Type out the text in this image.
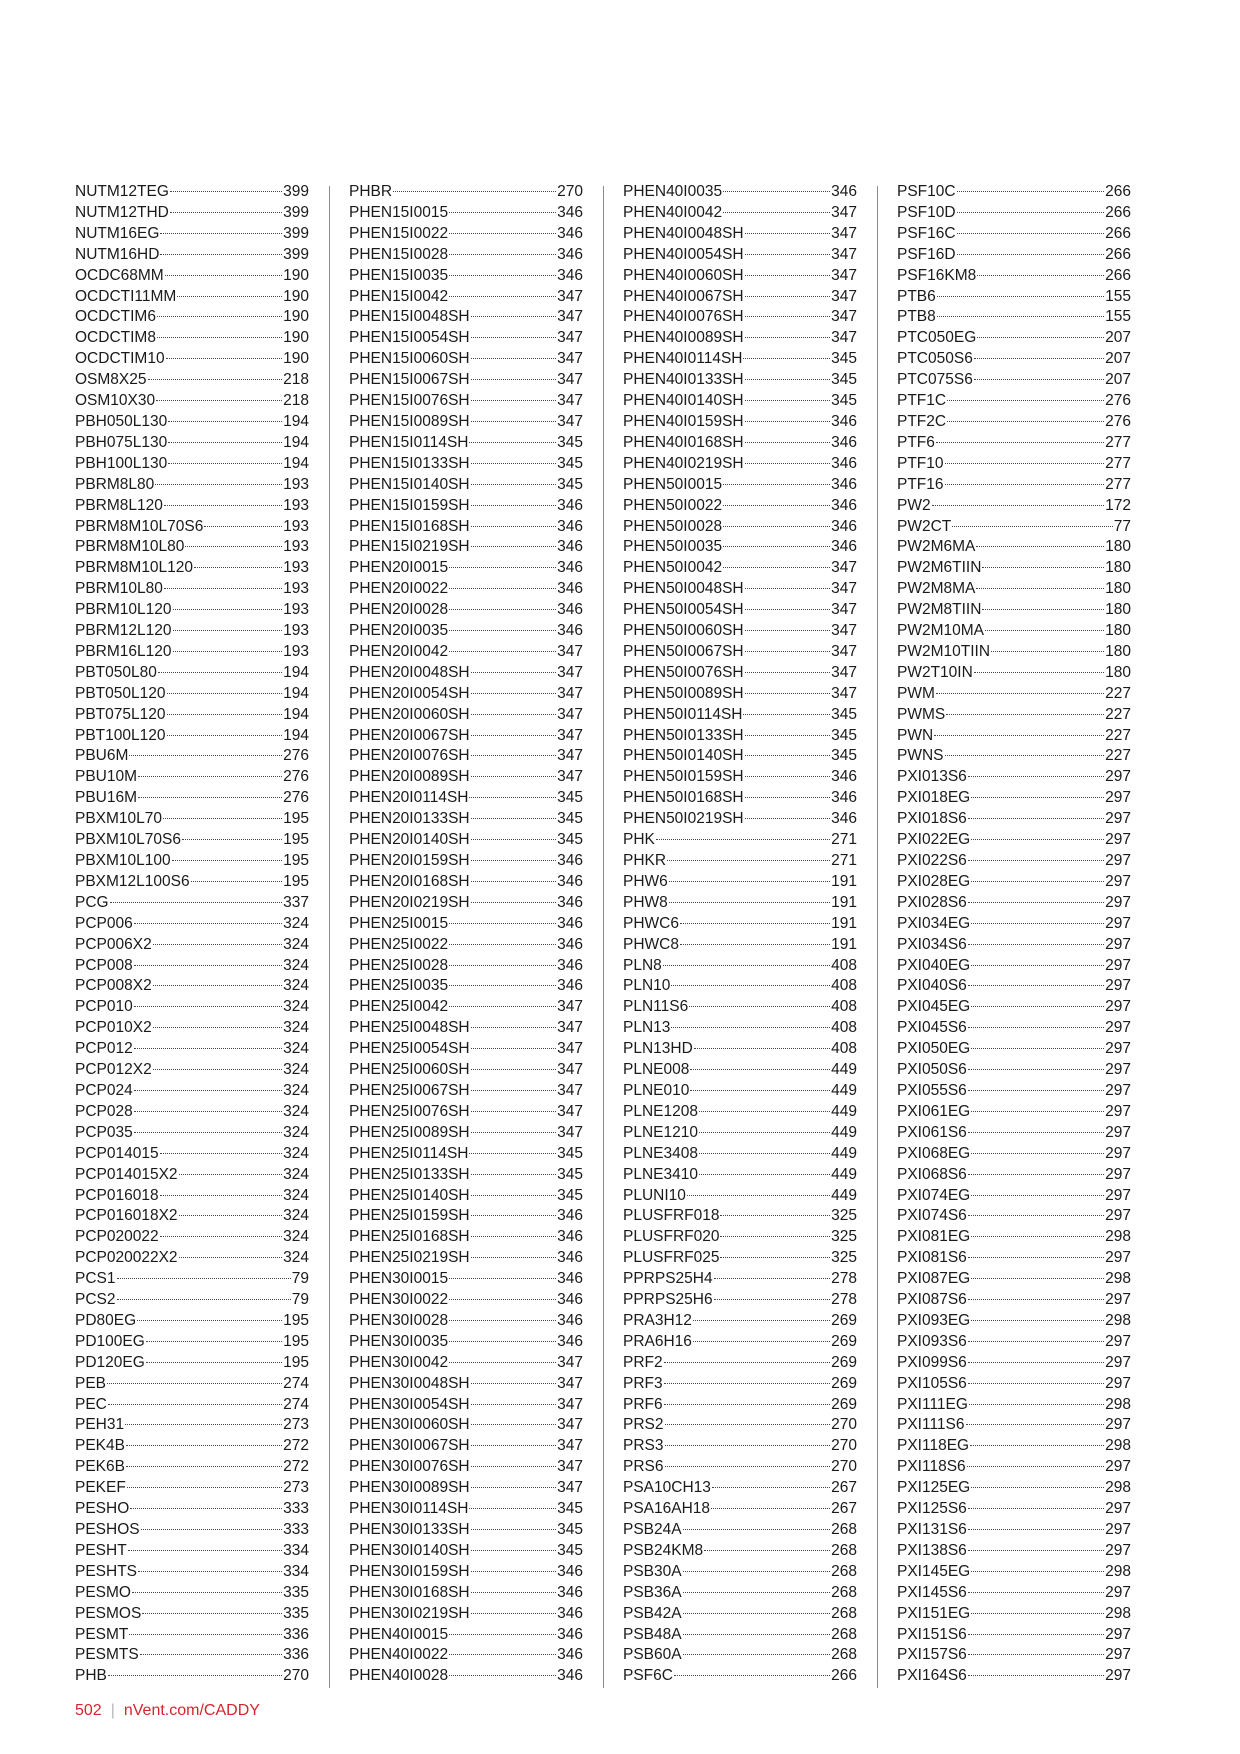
NUTM12TEG	399
NUTM12THD	399
NUTM16EG	399
NUTM16HD	399
OCDC68MM	190
OCDCTI11MM	190
OCDCTIM6	190
OCDCTIM8	190
OCDCTIM10	190
OSM8X25	218
OSM10X30	218
PBH050L130	194
PBH075L130	194
PBH100L130	194
PBRM8L80	193
PBRM8L120	193
PBRM8M10L70S6	193
PBRM8M10L80	193
PBRM8M10L120	193
PBRM10L80	193
PBRM10L120	193
PBRM12L120	193
PBRM16L120	193
PBT050L80	194
PBT050L120	194
PBT075L120	194
PBT100L120	194
PBU6M	276
PBU10M	276
PBU16M	276
PBXM10L70	195
PBXM10L70S6	195
PBXM10L100	195
PBXM12L100S6	195
PCG	337
PCP006	324
PCP006X2	324
PCP008	324
PCP008X2	324
PCP010	324
PCP010X2	324
PCP012	324
PCP012X2	324
PCP024	324
PCP028	324
PCP035	324
PCP014015	324
PCP014015X2	324
PCP016018	324
PCP016018X2	324
PCP020022	324
PCP020022X2	324
PCS1	79
PCS2	79
PD80EG	195
PD100EG	195
PD120EG	195
PEB	274
PEC	274
PEH31	273
PEK4B	272
PEK6B	272
PEKEF	273
PESHO	333
PESHOS	333
PESHT	334
PESHTS	334
PESMO	335
PESMOS	335
PESMT	336
PESMTS	336
PHB	270
PHBR	270
PHEN15I0015	346
PHEN15I0022	346
PHEN15I0028	346
PHEN15I0035	346
PHEN15I0042	347
PHEN15I0048SH	347
PHEN15I0054SH	347
PHEN15I0060SH	347
PHEN15I0067SH	347
PHEN15I0076SH	347
PHEN15I0089SH	347
PHEN15I0114SH	345
PHEN15I0133SH	345
PHEN15I0140SH	345
PHEN15I0159SH	346
PHEN15I0168SH	346
PHEN15I0219SH	346
PHEN20I0015	346
PHEN20I0022	346
PHEN20I0028	346
PHEN20I0035	346
PHEN20I0042	347
PHEN20I0048SH	347
PHEN20I0054SH	347
PHEN20I0060SH	347
PHEN20I0067SH	347
PHEN20I0076SH	347
PHEN20I0089SH	347
PHEN20I0114SH	345
PHEN20I0133SH	345
PHEN20I0140SH	345
PHEN20I0159SH	346
PHEN20I0168SH	346
PHEN20I0219SH	346
PHEN25I0015	346
PHEN25I0022	346
PHEN25I0028	346
PHEN25I0035	346
PHEN25I0042	347
PHEN25I0048SH	347
PHEN25I0054SH	347
PHEN25I0060SH	347
PHEN25I0067SH	347
PHEN25I0076SH	347
PHEN25I0089SH	347
PHEN25I0114SH	345
PHEN25I0133SH	345
PHEN25I0140SH	345
PHEN25I0159SH	346
PHEN25I0168SH	346
PHEN25I0219SH	346
PHEN30I0015	346
PHEN30I0022	346
PHEN30I0028	346
PHEN30I0035	346
PHEN30I0042	347
PHEN30I0048SH	347
PHEN30I0054SH	347
PHEN30I0060SH	347
PHEN30I0067SH	347
PHEN30I0076SH	347
PHEN30I0089SH	347
PHEN30I0114SH	345
PHEN30I0133SH	345
PHEN30I0140SH	345
PHEN30I0159SH	346
PHEN30I0168SH	346
PHEN30I0219SH	346
PHEN40I0015	346
PHEN40I0022	346
PHEN40I0028	346
PHEN40I0035	346
PHEN40I0042	347
PHEN40I0048SH	347
PHEN40I0054SH	347
PHEN40I0060SH	347
PHEN40I0067SH	347
PHEN40I0076SH	347
PHEN40I0089SH	347
PHEN40I0114SH	345
PHEN40I0133SH	345
PHEN40I0140SH	345
PHEN40I0159SH	346
PHEN40I0168SH	346
PHEN40I0219SH	346
PHEN50I0015	346
PHEN50I0022	346
PHEN50I0028	346
PHEN50I0035	346
PHEN50I0042	347
PHEN50I0048SH	347
PHEN50I0054SH	347
PHEN50I0060SH	347
PHEN50I0067SH	347
PHEN50I0076SH	347
PHEN50I0089SH	347
PHEN50I0114SH	345
PHEN50I0133SH	345
PHEN50I0140SH	345
PHEN50I0159SH	346
PHEN50I0168SH	346
PHEN50I0219SH	346
PHK	271
PHKR	271
PHW6	191
PHW8	191
PHWC6	191
PHWC8	191
PLN8	408
PLN10	408
PLN11S6	408
PLN13	408
PLN13HD	408
PLNE008	449
PLNE010	449
PLNE1208	449
PLNE1210	449
PLNE3408	449
PLNE3410	449
PLUNI10	449
PLUSFRF018	325
PLUSFRF020	325
PLUSFRF025	325
PPRPS25H4	278
PPRPS25H6	278
PRA3H12	269
PRA6H16	269
PRF2	269
PRF3	269
PRF6	269
PRS2	270
PRS3	270
PRS6	270
PSA10CH13	267
PSA16AH18	267
PSB24A	268
PSB24KM8	268
PSB30A	268
PSB36A	268
PSB42A	268
PSB48A	268
PSB60A	268
PSF6C	266
PSF10C	266
PSF10D	266
PSF16C	266
PSF16D	266
PSF16KM8	266
PTB6	155
PTB8	155
PTC050EG	207
PTC050S6	207
PTC075S6	207
PTF1C	276
PTF2C	276
PTF6	277
PTF10	277
PTF16	277
PW2	172
PW2CT	77
PW2M6MA	180
PW2M6TIIN	180
PW2M8MA	180
PW2M8TIIN	180
PW2M10MA	180
PW2M10TIIN	180
PW2T10IN	180
PWM	227
PWMS	227
PWN	227
PWNS	227
PXI013S6	297
PXI018EG	297
PXI018S6	297
PXI022EG	297
PXI022S6	297
PXI028EG	297
PXI028S6	297
PXI034EG	297
PXI034S6	297
PXI040EG	297
PXI040S6	297
PXI045EG	297
PXI045S6	297
PXI050EG	297
PXI050S6	297
PXI055S6	297
PXI061EG	297
PXI061S6	297
PXI068EG	297
PXI068S6	297
PXI074EG	297
PXI074S6	297
PXI081EG	298
PXI081S6	297
PXI087EG	298
PXI087S6	297
PXI093EG	298
PXI093S6	297
PXI099S6	297
PXI105S6	297
PXI111EG	298
PXI111S6	297
PXI118EG	298
PXI118S6	297
PXI125EG	298
PXI125S6	297
PXI131S6	297
PXI138S6	297
PXI145EG	298
PXI145S6	297
PXI151EG	298
PXI151S6	297
PXI157S6	297
PXI164S6	297
502 | nVent.com/CADDY
